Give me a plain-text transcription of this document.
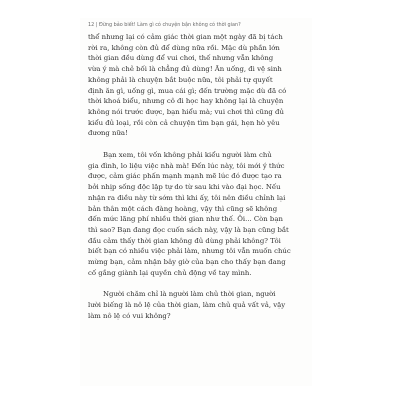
12 | Đừng bảo biết! Làm gì có chuyện bận không có thời gian?
thể nhưng lại có cảm giác thời gian một ngày đã bị tách
rời ra, không còn đủ để dùng nữa rồi. Mặc dù phần lớn
thời gian đều dùng để vui chơi, thế nhưng vẫn không
vừa ý mà chẻ bối là chẳng đủ dùng! Ăn uống, đi vệ sinh
không phải là chuyện bắt buộc nữa, tôi phải tự quyết
định ăn gì, uống gì, mua cái gì; đến trường mặc dù đã có
thời khoá biểu, nhưng cô đi học hay không lại là chuyện
không nói trước được, bạn hiểu mà; vui chơi thì cũng đủ
kiểu đủ loại, rồi còn cả chuyện tìm bạn gái, hẹn hò yêu
đương nữa!
Bạn xem, tôi vốn không phải kiểu người làm chủ
gia đình, lo liệu việc nhà mà! Đến lúc này, tôi mới ý thức
được, cảm giác phấn mạnh mạnh mẽ lúc đó được tạo ra
bởi nhịp sống độc lập tự do từ sau khi vào đại học. Nếu
nhận ra điều này từ sớm thì khi ấy, tôi nên điều chỉnh lại
bản thân một cách đàng hoàng, vậy thì cũng sẽ không
đến mức lãng phí nhiều thời gian như thế. Ôi... Còn bạn
thì sao? Bạn đang đọc cuốn sách này, vậy là bạn cũng bắt
đầu cảm thấy thời gian không đủ dùng phải không? Tôi
biết bạn có nhiều việc phải làm, nhưng tôi vẫn muốn chúc
mừng bạn, cảm nhận bây giờ của bạn cho thấy bạn đang
cố gắng giành lại quyền chủ động về tay mình.
Người chăm chỉ là người làm chủ thời gian, người
lười biếng là nô lệ của thời gian, làm chủ quả vất vả, vậy
làm nô lệ có vui không?
